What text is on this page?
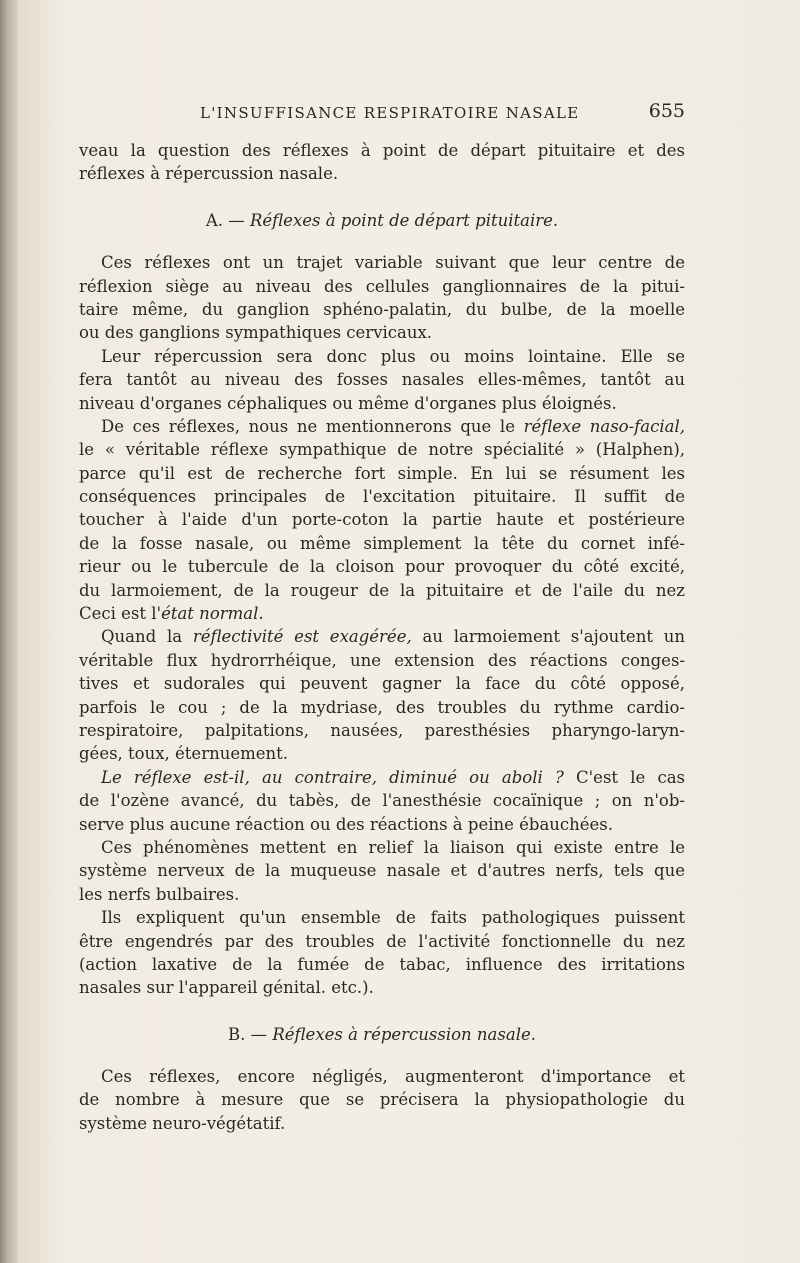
L'INSUFFISANCE RESPIRATOIRE NASALE	655
veau la question des réflexes à point de départ pituitaire et des
réflexes à répercussion nasale.
A. — Réflexes à point de départ pituitaire.
Ces réflexes ont un trajet variable suivant que leur centre de
réflexion siège au niveau des cellules ganglionnaires de la pitui-
taire même, du ganglion sphéno-palatin, du bulbe, de la moelle
ou des ganglions sympathiques cervicaux.
Leur répercussion sera donc plus ou moins lointaine. Elle se
fera tantôt au niveau des fosses nasales elles-mêmes, tantôt au
niveau d'organes céphaliques ou même d'organes plus éloignés.
De ces réflexes, nous ne mentionnerons que le réflexe naso-facial,
le « véritable réflexe sympathique de notre spécialité » (Halphen),
parce qu'il est de recherche fort simple. En lui se résument les
conséquences principales de l'excitation pituitaire. Il suffit de
toucher à l'aide d'un porte-coton la partie haute et postérieure
de la fosse nasale, ou même simplement la tête du cornet infé-
rieur ou le tubercule de la cloison pour provoquer du côté excité,
du larmoiement, de la rougeur de la pituitaire et de l'aile du nez
Ceci est l'état normal.
Quand la réflectivité est exagérée, au larmoiement s'ajoutent un
véritable flux hydrorrhéique, une extension des réactions conges-
tives et sudorales qui peuvent gagner la face du côté opposé,
parfois le cou ; de la mydriase, des troubles du rythme cardio-
respiratoire, palpitations, nausées, paresthésies pharyngo-laryn-
gées, toux, éternuement.
Le réflexe est-il, au contraire, diminué ou aboli ? C'est le cas
de l'ozène avancé, du tabès, de l'anesthésie cocaïnique ; on n'ob-
serve plus aucune réaction ou des réactions à peine ébauchées.
Ces phénomènes mettent en relief la liaison qui existe entre le
système nerveux de la muqueuse nasale et d'autres nerfs, tels que
les nerfs bulbaires.
Ils expliquent qu'un ensemble de faits pathologiques puissent
être engendrés par des troubles de l'activité fonctionnelle du nez
(action laxative de la fumée de tabac, influence des irritations
nasales sur l'appareil génital. etc.).
B. — Réflexes à répercussion nasale.
Ces réflexes, encore négligés, augmenteront d'importance et
de nombre à mesure que se précisera la physiopathologie du
système neuro-végétatif.
